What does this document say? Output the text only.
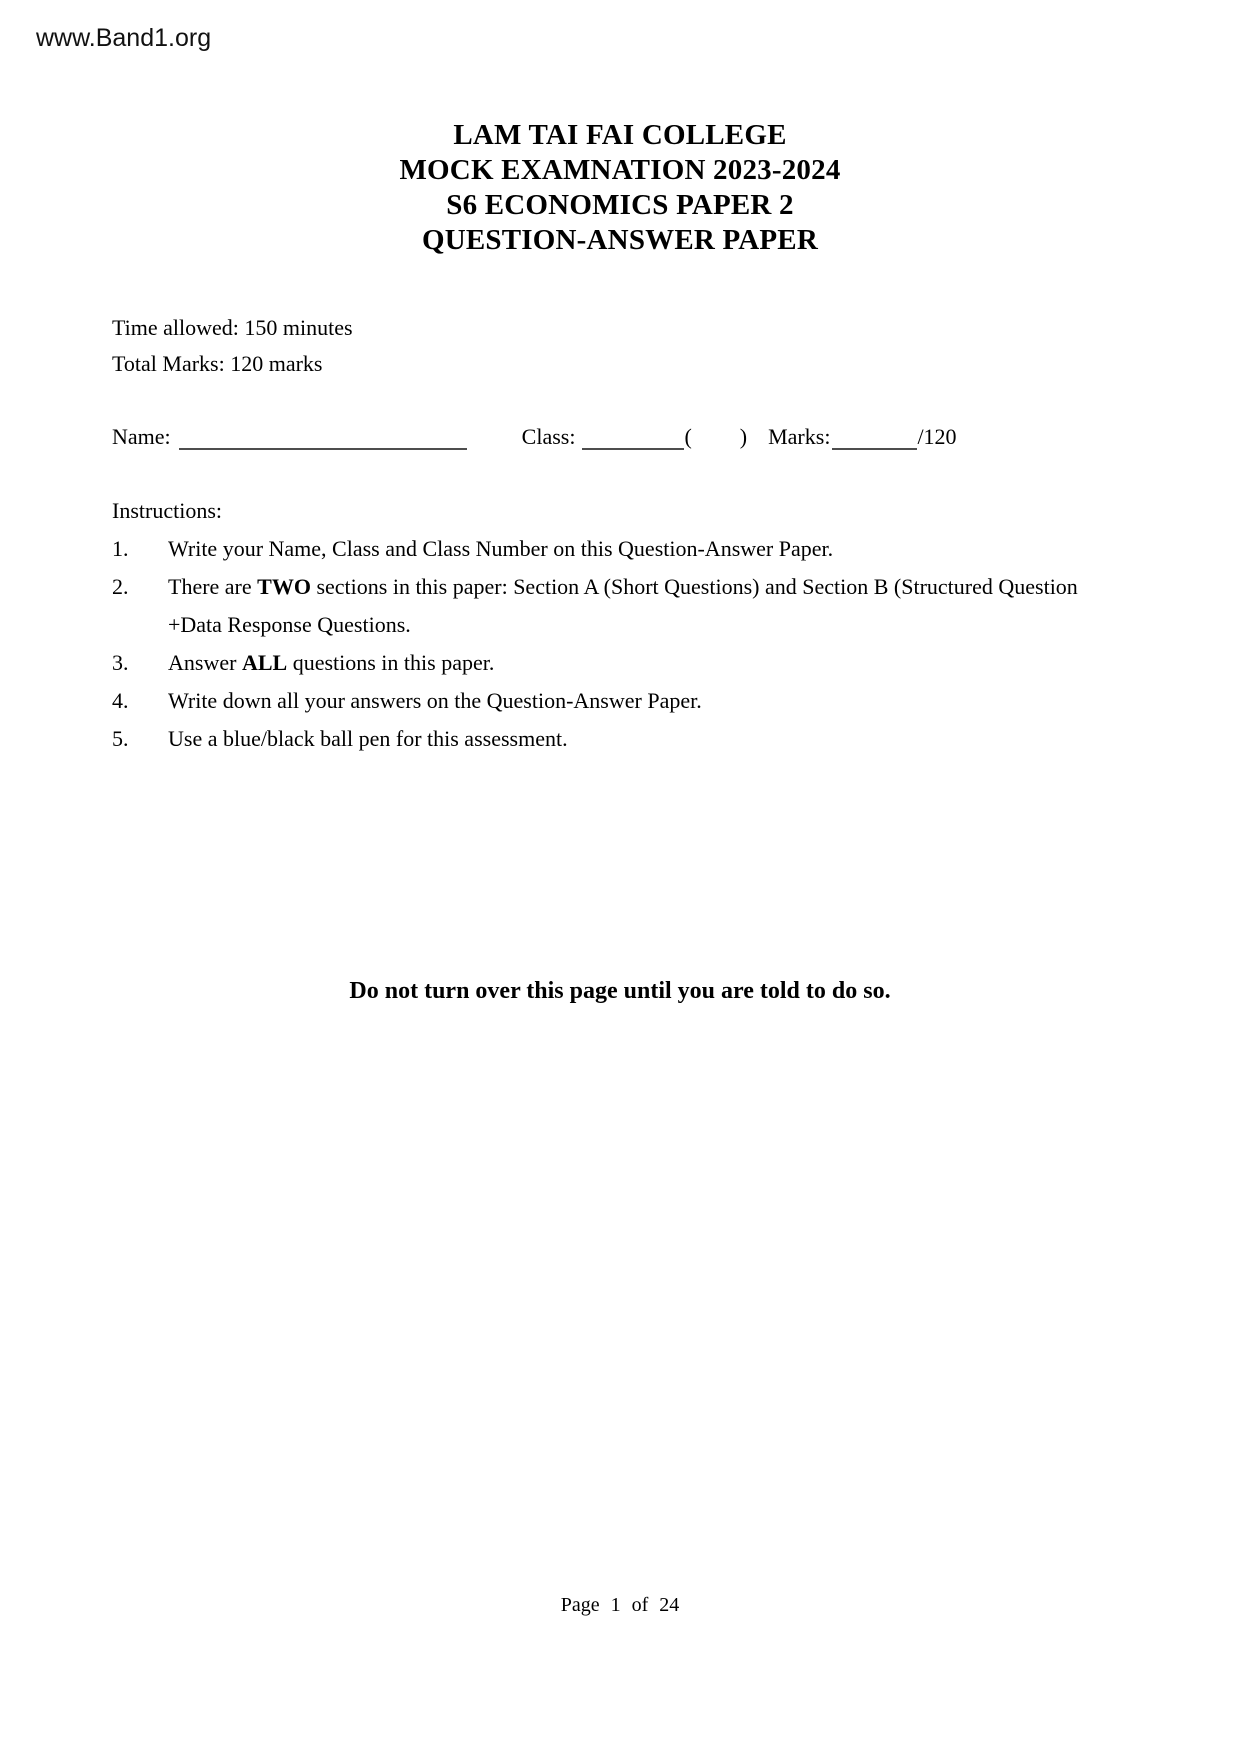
www.Band1.org
LAM TAI FAI COLLEGE
MOCK EXAMNATION 2023-2024
S6 ECONOMICS PAPER 2
QUESTION-ANSWER PAPER
Time allowed: 150 minutes
Total Marks: 120 marks
Name:	Class:	( ) Marks:	/120
Instructions:
1.	Write your Name, Class and Class Number on this Question-Answer Paper.
2.	There are TWO sections in this paper: Section A (Short Questions) and Section B (Structured Question +Data Response Questions.
3.	Answer ALL questions in this paper.
4.	Write down all your answers on the Question-Answer Paper.
5.	Use a blue/black ball pen for this assessment.
Do not turn over this page until you are told to do so.
Page 1 of 24
